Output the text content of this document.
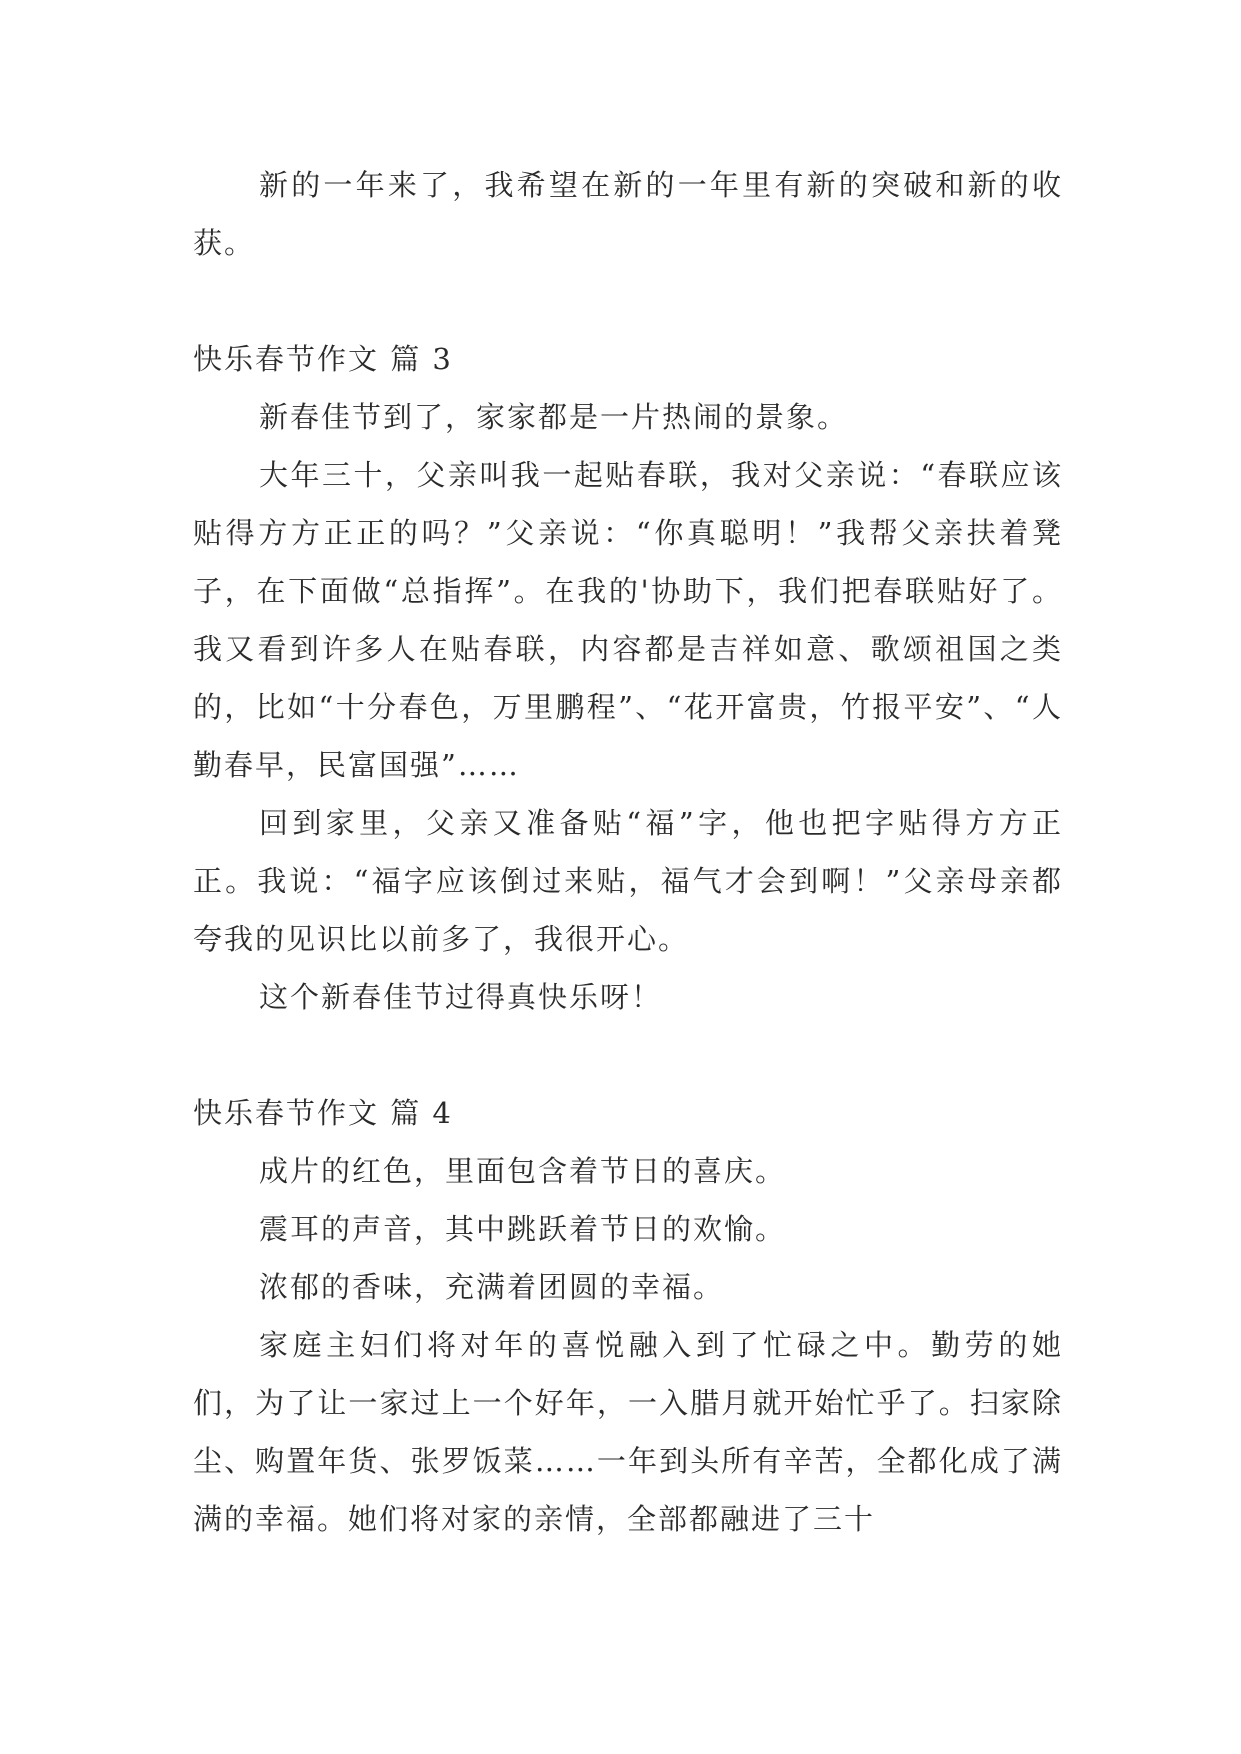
新的一年来了，我希望在新的一年里有新的突破和新的收获。

快乐春节作文 篇 3

新春佳节到了，家家都是一片热闹的景象。

大年三十，父亲叫我一起贴春联，我对父亲说：“春联应该贴得方方正正的吗？”父亲说：“你真聪明！”我帮父亲扶着凳子，在下面做“总指挥”。在我的'协助下，我们把春联贴好了。我又看到许多人在贴春联，内容都是吉祥如意、歌颂祖国之类的，比如“十分春色，万里鹏程”、“花开富贵，竹报平安”、“人勤春早，民富国强”……

回到家里，父亲又准备贴“福”字，他也把字贴得方方正正。我说：“福字应该倒过来贴，福气才会到啊！”父亲母亲都夸我的见识比以前多了，我很开心。

这个新春佳节过得真快乐呀！

快乐春节作文 篇 4

成片的红色，里面包含着节日的喜庆。

震耳的声音，其中跳跃着节日的欢愉。

浓郁的香味，充满着团圆的幸福。

家庭主妇们将对年的喜悦融入到了忙碌之中。勤劳的她们，为了让一家过上一个好年，一入腊月就开始忙乎了。扫家除尘、购置年货、张罗饭菜……一年到头所有辛苦，全都化成了满满的幸福。她们将对家的亲情，全部都融进了三十
